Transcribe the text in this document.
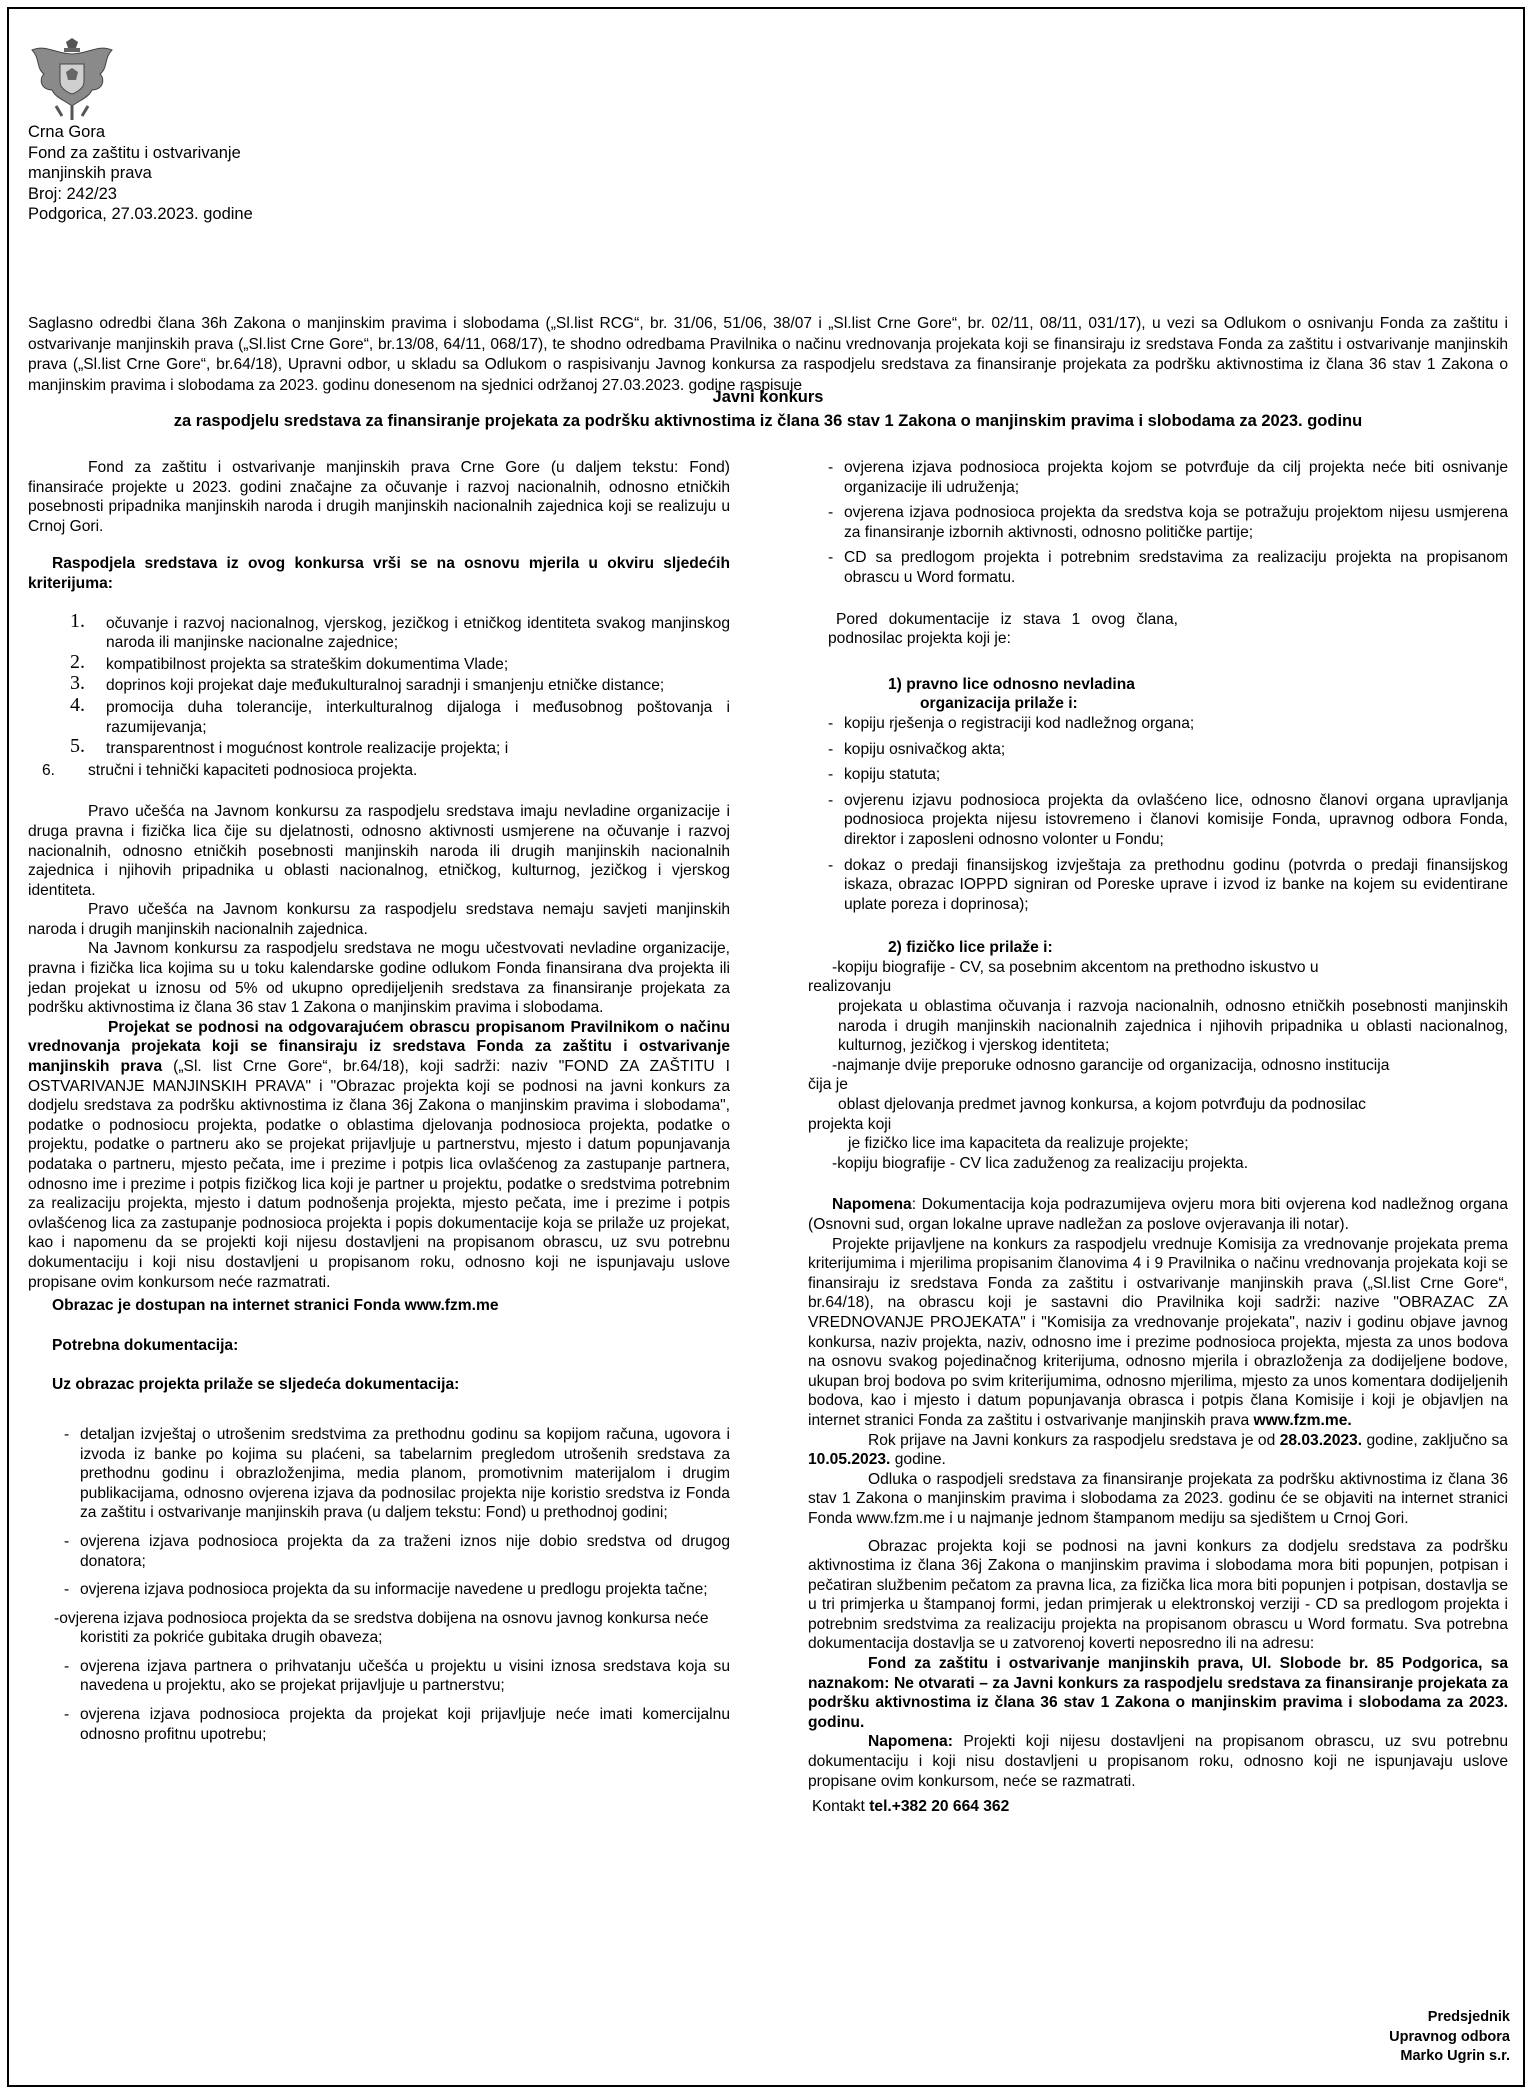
Crna Gora
Fond za zaštitu i ostvarivanje
manjinskih prava
Broj: 242/23
Podgorica, 27.03.2023. godine
Saglasno odredbi člana 36h Zakona o manjinskim pravima i slobodama („Sl.list RCG“, br. 31/06, 51/06, 38/07 i „Sl.list Crne Gore“, br. 02/11, 08/11, 031/17), u vezi sa Odlukom o osnivanju Fonda za zaštitu i ostvarivanje manjinskih prava („Sl.list Crne Gore“, br.13/08, 64/11, 068/17), te shodno odredbama Pravilnika o načinu vrednovanja projekata koji se finansiraju iz sredstava Fonda za zaštitu i ostvarivanje manjinskih prava („Sl.list Crne Gore“, br.64/18), Upravni odbor, u skladu sa Odlukom o raspisivanju Javnog konkursa za raspodjelu sredstava za finansiranje projekata za podršku aktivnostima iz člana 36 stav 1 Zakona o manjinskim pravima i slobodama za 2023. godinu donesenom na sjednici održanoj 27.03.2023. godine raspisuje
Javni konkurs
za raspodjelu sredstava za finansiranje projekata za podršku aktivnostima iz člana 36 stav 1 Zakona o manjinskim pravima i slobodama za 2023. godinu

Fond za zaštitu i ostvarivanje manjinskih prava Crne Gore (u daljem tekstu: Fond) finansiraće projekte u 2023. godini značajne za očuvanje i razvoj nacionalnih, odnosno etničkih posebnosti pripadnika manjinskih naroda i drugih manjinskih nacionalnih zajednica koji se realizuju u Crnoj Gori.

Raspodjela sredstava iz ovog konkursa vrši se na osnovu mjerila u okviru sljedećih kriterijuma:

1. očuvanje i razvoj nacionalnog, vjerskog, jezičkog i etničkog identiteta svakog manjinskog naroda ili manjinske nacionalne zajednice;
2. kompatibilnost projekta sa strateškim dokumentima Vlade;
3. doprinos koji projekat daje međukulturalnoj saradnji i smanjenju etničke distance;
4. promocija duha tolerancije, interkulturalnog dijaloga i međusobnog poštovanja i razumijevanja;
5. transparentnost i mogućnost kontrole realizacije projekta; i
6. stručni i tehnički kapaciteti podnosioca projekta.

Pravo učešća na Javnom konkursu za raspodjelu sredstava imaju nevladine organizacije i druga pravna i fizička lica čije su djelatnosti, odnosno aktivnosti usmjerene na očuvanje i razvoj nacionalnih, odnosno etničkih posebnosti manjinskih naroda ili drugih manjinskih nacionalnih zajednica i njihovih pripadnika u oblasti nacionalnog, etničkog, kulturnog, jezičkog i vjerskog identiteta.

Pravo učešća na Javnom konkursu za raspodjelu sredstava nemaju savjeti manjinskih naroda i drugih manjinskih nacionalnih zajednica.

Na Javnom konkursu za raspodjelu sredstava ne mogu učestvovati nevladine organizacije, pravna i fizička lica kojima su u toku kalendarske godine odlukom Fonda finansirana dva projekta ili jedan projekat u iznosu od 5% od ukupno opredijeljenih sredstava za finansiranje projekata za podršku aktivnostima iz člana 36 stav 1 Zakona o manjinskim pravima i slobodama.

Projekat se podnosi na odgovarajućem obrascu propisanom Pravilnikom o načinu vrednovanja projekata koji se finansiraju iz sredstava Fonda za zaštitu i ostvarivanje manjinskih prava („Sl. list Crne Gore“, br.64/18), koji sadrži: naziv "FOND ZA ZAŠTITU I OSTVARIVANJE MANJINSKIH PRAVA" i "Obrazac projekta koji se podnosi na javni konkurs za dodjelu sredstava za podršku aktivnostima iz člana 36j Zakona o manjinskim pravima i slobodama", podatke o podnosiocu projekta, podatke o oblastima djelovanja podnosioca projekta, podatke o projektu, podatke o partneru ako se projekat prijavljuje u partnerstvu, mjesto i datum popunjavanja podataka o partneru, mjesto pečata, ime i prezime i potpis lica ovlašćenog za zastupanje partnera, odnosno ime i prezime i potpis fizičkog lica koji je partner u projektu, podatke o sredstvima potrebnim za realizaciju projekta, mjesto i datum podnošenja projekta, mjesto pečata, ime i prezime i potpis ovlašćenog lica za zastupanje podnosioca projekta i popis dokumentacije koja se prilaže uz projekat, kao i napomenu da se projekti koji nijesu dostavljeni na propisanom obrascu, uz svu potrebnu dokumentaciju i koji nisu dostavljeni u propisanom roku, odnosno koji ne ispunjavaju uslove propisane ovim konkursom neće razmatrati.

Obrazac je dostupan na internet stranici Fonda www.fzm.me

Potrebna dokumentacija:

Uz obrazac projekta prilaže se sljedeća dokumentacija:

- detaljan izvještaj o utrošenim sredstvima za prethodnu godinu sa kopijom računa, ugovora i izvoda iz banke po kojima su plaćeni, sa tabelarnim pregledom utrošenih sredstava za prethodnu godinu i obrazloženjima, media planom, promotivnim materijalom i drugim publikacijama, odnosno ovjerena izjava da podnosilac projekta nije koristio sredstva iz Fonda za zaštitu i ostvarivanje manjinskih prava (u daljem tekstu: Fond) u prethodnoj godini;
- ovjerena izjava podnosioca projekta da za traženi iznos nije dobio sredstva od drugog donatora;
- ovjerena izjava podnosioca projekta da su informacije navedene u predlogu projekta tačne;

-ovjerena izjava podnosioca projekta da se sredstva dobijena na osnovu javnog konkursa neće

koristiti za pokriće gubitaka drugih obaveza;

- ovjerena izjava partnera o prihvatanju učešća u projektu u visini iznosa sredstava koja su navedena u projektu, ako se projekat prijavljuje u partnerstvu;
- ovjerena izjava podnosioca projekta da projekat koji prijavljuje neće imati komercijalnu odnosno profitnu upotrebu;
- ovjerena izjava podnosioca projekta kojom se potvrđuje da cilj projekta neće biti osnivanje organizacije ili udruženja;
- ovjerena izjava podnosioca projekta da sredstva koja se potražuju projektom nijesu usmjerena za finansiranje izbornih aktivnosti, odnosno političke partije;
- CD sa predlogom projekta i potrebnim sredstavima za realizaciju projekta na propisanom obrascu u Word formatu.

Pored dokumentacije iz stava 1 ovog člana, podnosilac projekta koji je:

1) pravno lice odnosno nevladina

organizacija prilaže i:

- kopiju rješenja o registraciji kod nadležnog organa;
- kopiju osnivačkog akta;
- kopiju statuta;
- ovjerenu izjavu podnosioca projekta da ovlašćeno lice, odnosno članovi organa upravljanja podnosioca projekta nijesu istovremeno i članovi komisije Fonda, upravnog odbora Fonda, direktor i zaposleni odnosno volonter u Fondu;
- dokaz o predaji finansijskog izvještaja za prethodnu godinu (potvrda o predaji finansijskog iskaza, obrazac IOPPD signiran od Poreske uprave i izvod iz banke na kojem su evidentirane uplate poreza i doprinosa);

2) fizičko lice prilaže i:

-kopiju biografije - CV, sa posebnim akcentom na prethodno iskustvo u

realizovanju

projekata u oblastima očuvanja i razvoja nacionalnih, odnosno etničkih posebnosti manjinskih naroda i drugih manjinskih nacionalnih zajednica i njihovih pripadnika u oblasti nacionalnog, kulturnog, jezičkog i vjerskog identiteta;

-najmanje dvije preporuke odnosno garancije od organizacija, odnosno institucija

čija je

oblast djelovanja predmet javnog konkursa, a kojom potvrđuju da podnosilac

projekta koji

je fizičko lice ima kapaciteta da realizuje projekte;

-kopiju biografije - CV lica zaduženog za realizaciju projekta.

Napomena: Dokumentacija koja podrazumijeva ovjeru mora biti ovjerena kod nadležnog organa (Osnovni sud, organ lokalne uprave nadležan za poslove ovjeravanja ili notar).

Projekte prijavljene na konkurs za raspodjelu vrednuje Komisija za vrednovanje projekata prema kriterijumima i mjerilima propisanim članovima 4 i 9 Pravilnika o načinu vrednovanja projekata koji se finansiraju iz sredstava Fonda za zaštitu i ostvarivanje manjinskih prava („Sl.list Crne Gore“, br.64/18), na obrascu koji je sastavni dio Pravilnika koji sadrži: nazive "OBRAZAC ZA VREDNOVANJE PROJEKATA" i "Komisija za vrednovanje projekata", naziv i godinu objave javnog konkursa, naziv projekta, naziv, odnosno ime i prezime podnosioca projekta, mjesta za unos bodova na osnovu svakog pojedinačnog kriterijuma, odnosno mjerila i obrazloženja za dodijeljene bodove, ukupan broj bodova po svim kriterijumima, odnosno mjerilima, mjesto za unos komentara dodijeljenih bodova, kao i mjesto i datum popunjavanja obrasca i potpis člana Komisije i koji je objavljen na internet stranici Fonda za zaštitu i ostvarivanje manjinskih prava www.fzm.me.

Rok prijave na Javni konkurs za raspodjelu sredstava je od 28.03.2023. godine, zaključno sa 10.05.2023. godine.

Odluka o raspodjeli sredstava za finansiranje projekata za podršku aktivnostima iz člana 36 stav 1 Zakona o manjinskim pravima i slobodama za 2023. godinu će se objaviti na internet stranici Fonda www.fzm.me i u najmanje jednom štampanom mediju sa sjedištem u Crnoj Gori.

Obrazac projekta koji se podnosi na javni konkurs za dodjelu sredstava za podršku aktivnostima iz člana 36j Zakona o manjinskim pravima i slobodama mora biti popunjen, potpisan i pečatiran službenim pečatom za pravna lica, za fizička lica mora biti popunjen i potpisan, dostavlja se u tri primjerka u štampanoj formi, jedan primjerak u elektronskoj verziji - CD sa predlogom projekta i potrebnim sredstvima za realizaciju projekta na propisanom obrascu u Word formatu. Sva potrebna dokumentacija dostavlja se u zatvorenoj koverti neposredno ili na adresu:

Fond za zaštitu i ostvarivanje manjinskih prava, Ul. Slobode br. 85 Podgorica, sa naznakom: Ne otvarati – za Javni konkurs za raspodjelu sredstava za finansiranje projekata za podršku aktivnostima iz člana 36 stav 1 Zakona o manjinskim pravima i slobodama za 2023. godinu.

Napomena: Projekti koji nijesu dostavljeni na propisanom obrascu, uz svu potrebnu dokumentaciju i koji nisu dostavljeni u propisanom roku, odnosno koji ne ispunjavaju uslove propisane ovim konkursom, neće se razmatrati.

Kontakt tel.+382 20 664 362

Predsjednik
Upravnog odbora
Marko Ugrin s.r.
